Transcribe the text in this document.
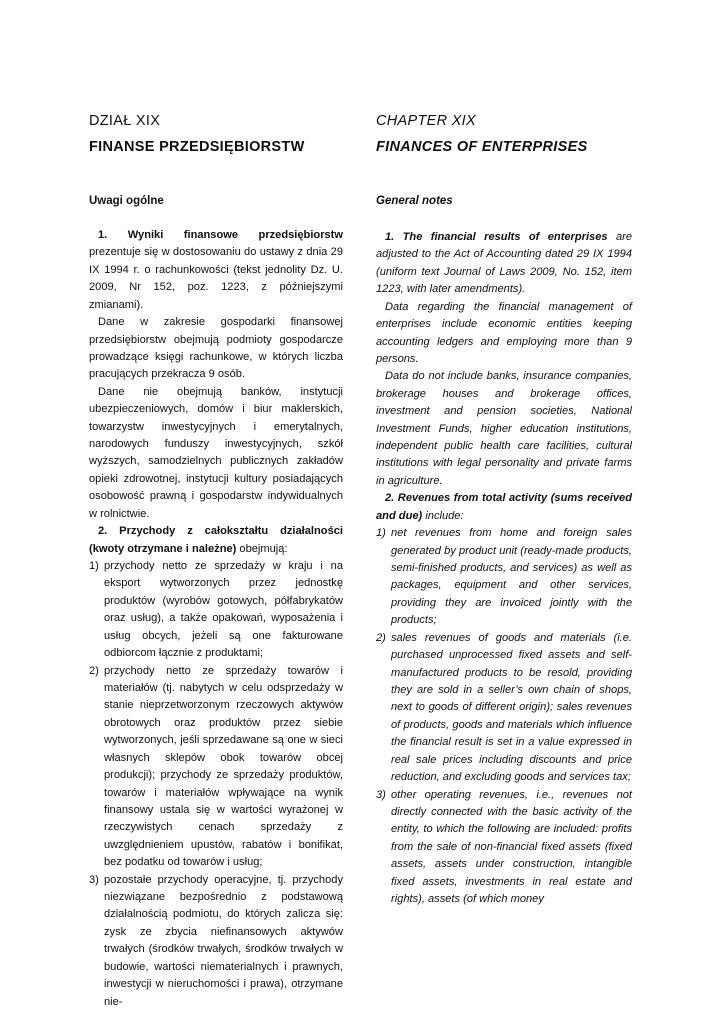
DZIAŁ XIX
FINANSE PRZEDSIĘBIORSTW
Uwagi ogólne

1. Wyniki finansowe przedsiębiorstw prezentuje się w dostosowaniu do ustawy z dnia 29 IX 1994 r. o rachunkowości (tekst jednolity Dz. U. 2009, Nr 152, poz. 1223, z późniejszymi zmianami).

Dane w zakresie gospodarki finansowej przedsiębiorstw obejmują podmioty gospodarcze prowadzące księgi rachunkowe, w których liczba pracujących przekracza 9 osób.

Dane nie obejmują banków, instytucji ubezpieczeniowych, domów i biur maklerskich, towarzystw inwestycyjnych i emerytalnych, narodowych funduszy inwestycyjnych, szkół wyższych, samodzielnych publicznych zakładów opieki zdrowotnej, instytucji kultury posiadających osobowość prawną i gospodarstw indywidualnych w rolnictwie.

2. Przychody z całokształtu działalności (kwoty otrzymane i należne) obejmują:

1) przychody netto ze sprzedaży w kraju i na eksport wytworzonych przez jednostkę produktów (wyrobów gotowych, półfabrykatów oraz usług), a także opakowań, wyposażenia i usług obcych, jeżeli są one fakturowane odbiorcom łącznie z produktami;
2) przychody netto ze sprzedaży towarów i materiałów (tj. nabytych w celu odsprzedaży w stanie nieprzetworzonym rzeczowych aktywów obrotowych oraz produktów przez siebie wytworzonych, jeśli sprzedawane są one w sieci własnych sklepów obok towarów obcej produkcji); przychody ze sprzedaży produktów, towarów i materiałów wpływające na wynik finansowy ustala się w wartości wyrażonej w rzeczywistych cenach sprzedaży z uwzględnieniem upustów, rabatów i bonifikat, bez podatku od towarów i usług;
3) pozostałe przychody operacyjne, tj. przychody niezwiązane bezpośrednio z podstawową działalnością podmiotu, do których zalicza się: zysk ze zbycia niefinansowych aktywów trwałych (środków trwałych, środków trwałych w budowie, wartości niematerialnych i prawnych, inwestycji w nieruchomości i prawa), otrzymane nie-
CHAPTER XIX
FINANCES OF ENTERPRISES
General notes

1. The financial results of enterprises are adjusted to the Act of Accounting dated 29 IX 1994 (uniform text Journal of Laws 2009, No. 152, item 1223, with later amendments).

Data regarding the financial management of enterprises include economic entities keeping accounting ledgers and employing more than 9 persons.

Data do not include banks, insurance companies, brokerage houses and brokerage offices, investment and pension societies, National Investment Funds, higher education institutions, independent public health care facilities, cultural institutions with legal personality and private farms in agriculture.

2. Revenues from total activity (sums received and due) include:

1) net revenues from home and foreign sales generated by product unit (ready-made products, semi-finished products, and services) as well as packages, equipment and other services, providing they are invoiced jointly with the products;
2) sales revenues of goods and materials (i.e. purchased unprocessed fixed assets and self-manufactured products to be resold, providing they are sold in a seller’s own chain of shops, next to goods of different origin); sales revenues of products, goods and materials which influence the financial result is set in a value expressed in real sale prices including discounts and price reduction, and excluding goods and services tax;
3) other operating revenues, i.e., revenues not directly connected with the basic activity of the entity, to which the following are included: profits from the sale of non-financial fixed assets (fixed assets, assets under construction, intangible fixed assets, investments in real estate and rights), assets (of which money
